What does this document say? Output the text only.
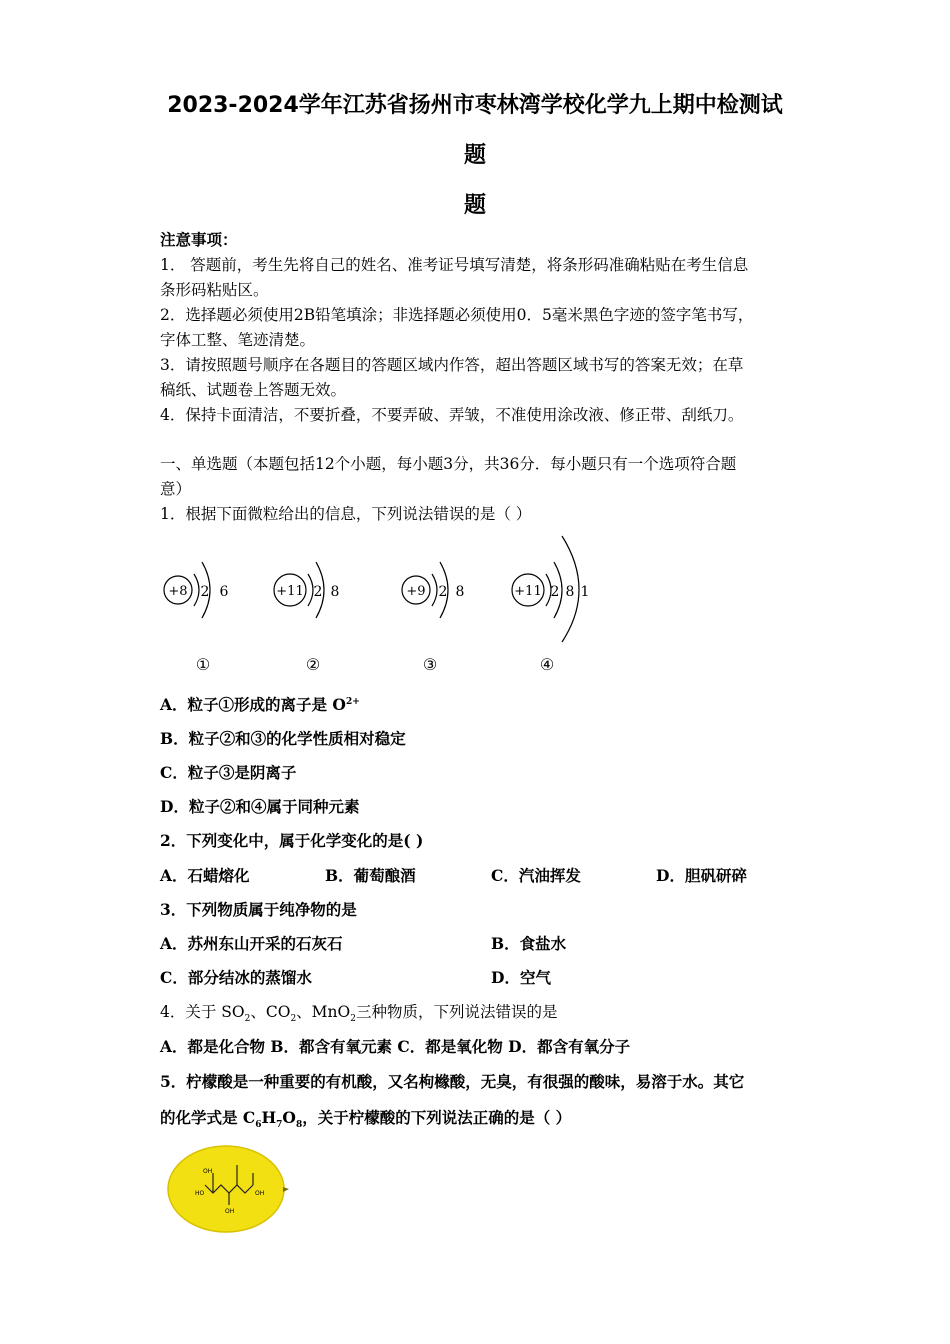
2023-2024学年江苏省扬州市枣林湾学校化学九上期中检测试
题
题
注意事项：
1． 答题前，考生先将自己的姓名、准考证号填写清楚，将条形码准确粘贴在考生信息
条形码粘贴区。
2．选择题必须使用2B铅笔填涂；非选择题必须使用0．5毫米黑色字迹的签字笔书写，
字体工整、笔迹清楚。
3．请按照题号顺序在各题目的答题区域内作答，超出答题区域书写的答案无效；在草
稿纸、试题卷上答题无效。
4．保持卡面清洁，不要折叠，不要弄破、弄皱，不准使用涂改液、修正带、刮纸刀。
一、单选题（本题包括12个小题，每小题3分，共36分．每小题只有一个选项符合题
意）
1．根据下面微粒给出的信息，下列说法错误的是（ ）
+8 2 6	+11 2 8	+9 2 8	+11 2 8 1
①	②	③	④
A．粒子①形成的离子是 $O^{2+}$
B．粒子②和③的化学性质相对稳定
C．粒子③是阴离子
D．粒子②和④属于同种元素
2．下列变化中，属于化学变化的是( )
A．石蜡熔化	B．葡萄酿酒	C．汽油挥发	D．胆矾研碎
3．下列物质属于纯净物的是
A．苏州东山开采的石灰石	B．食盐水
C．部分结冰的蒸馏水	D．空气
4．关于 $SO_2$、$CO_2$、MnO$_2$三种物质，下列说法错误的是
A．都是化合物 B．都含有氧元素 C．都是氧化物 D．都含有氧分子
5．柠檬酸是一种重要的有机酸，又名枸橼酸，无臭，有很强的酸味，易溶于水。其它
的化学式是 $C_6H_7O_8$，关于柠檬酸的下列说法正确的是（ ）
OH
HO
OH
OH
